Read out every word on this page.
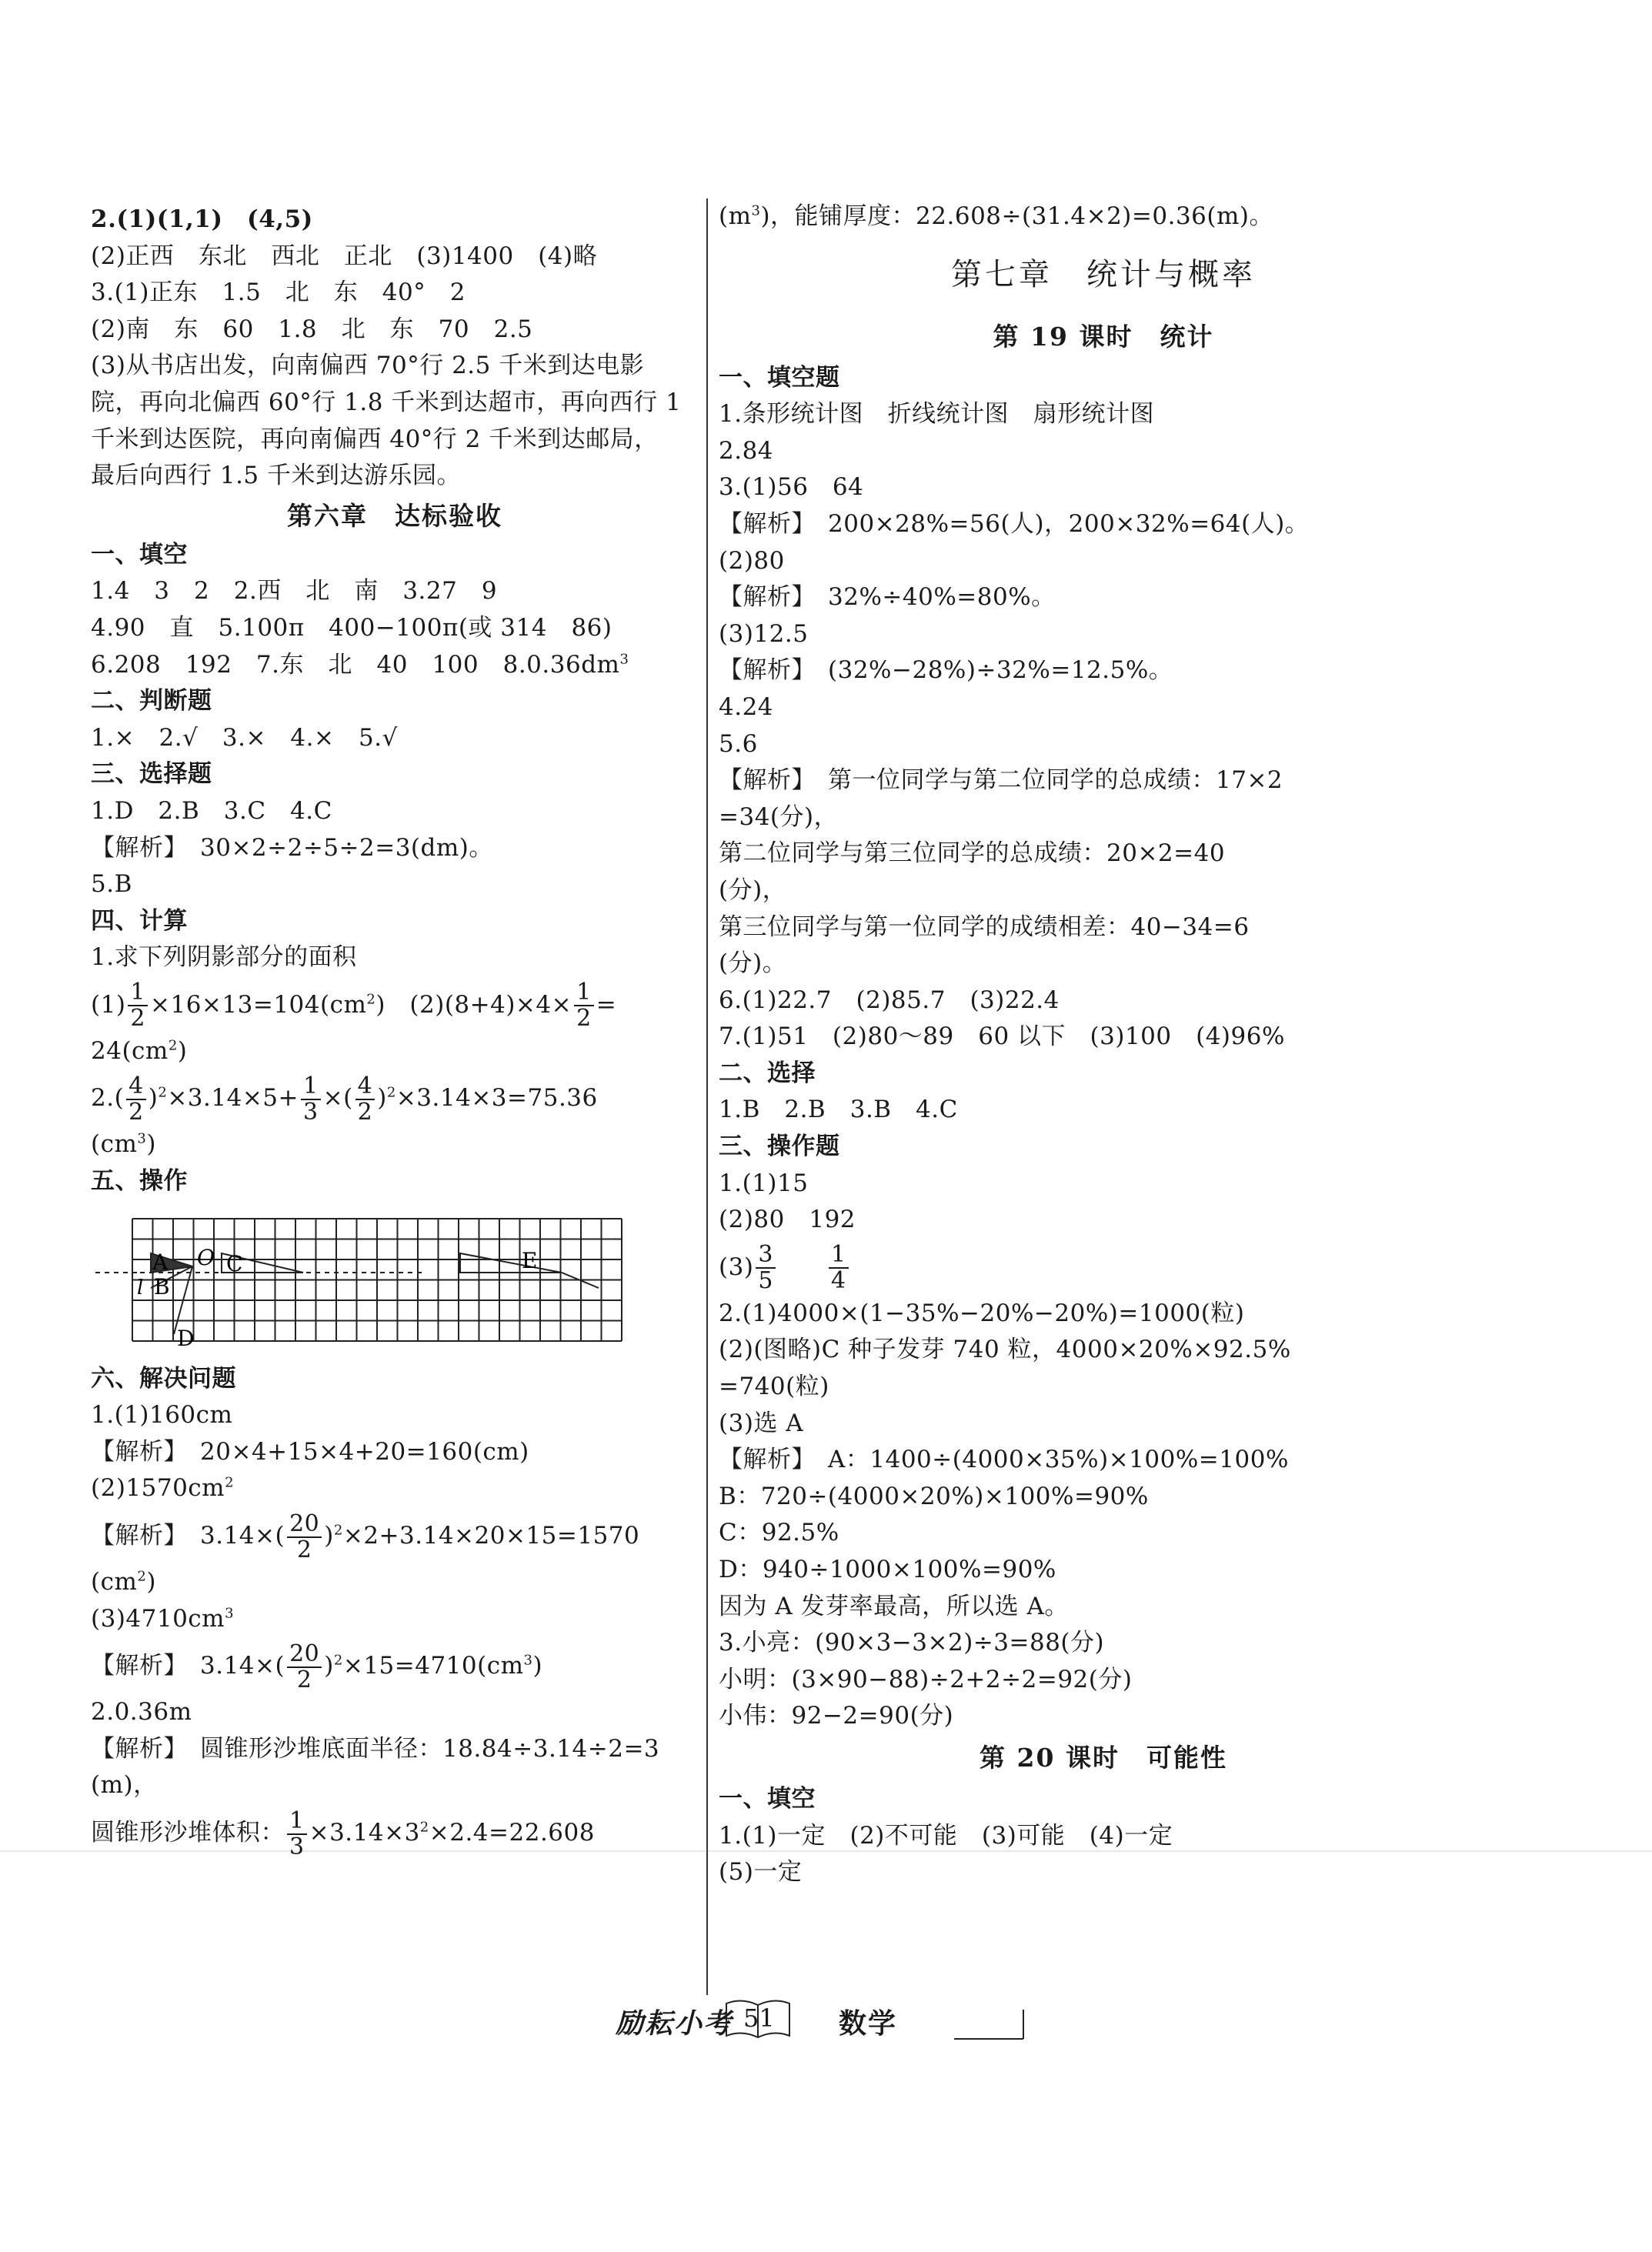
2.(1)(1,1)　(4,5)
(2)正西　东北　西北　正北　(3)1400　(4)略
3.(1)正东　1.5　北　东　40°　2
(2)南　东　60　1.8　北　东　70　2.5
(3)从书店出发，向南偏西 70°行 2.5 千米到达电影
院，再向北偏西 60°行 1.8 千米到达超市，再向西行 1
千米到达医院，再向南偏西 40°行 2 千米到达邮局，
最后向西行 1.5 千米到达游乐园。
第六章　达标验收
一、填空
1.4　3　2　2.西　北　南　3.27　9
4.90　直　5.100π　400−100π(或 314　86)
6.208　192　7.东　北　40　100　$8.0.36dm^3$
二、判断题
1.×　2.√　3.×　4.×　5.√
三、选择题
1.D　2.B　3.C　4.C
【解析】　30×2÷2÷5÷2=3(dm)。
5.B
四、计算
1.求下列阴影部分的面积
$(1) \frac{1}{2} \times 16\times 13=104(cm^2)$　$(2)(8+4)\times 4\times \frac{1}{2}$ =
$24(cm^2)$
$2.( \frac{4}{2} )^2\times 3.14\times 5+ \frac{1}{3}$ ×( $\frac{4}{2} )^2\times 3.14\times 3=75.36$
$(cm^3)$
五、操作
A
B
l
O C
D
E
六、解决问题
1.(1)160cm
【解析】　20×4+15×4+20=160(cm)
$(2)1570cm^2$
【解析】　$3.14\times( \frac{20}{2} )^2\times 2+3.14\times 20\times 15=1570$
$(cm^2)$
$(3)4710cm^3$
【解析】　$3.14\times( \frac{20}{2} )^2\times 15=4710(cm^3)$
2.0.36m
【解析】　圆锥形沙堆底面半径：18.84÷3.14÷2=3
(m)，
圆锥形沙堆体积： $\frac{1}{3} \times 3.14\times 3^2\times 2.4=22.608$
$(m^3)$，能铺厚度：22.608÷(31.4×2)=0.36(m)。
第七章　统计与概率
第 19 课时　统计
一、填空题
1.条形统计图　折线统计图　扇形统计图
2.84
3.(1)56　64
【解析】　200×28%=56(人)，200×32%=64(人)。
(2)80
【解析】　32%÷40%=80%。
(3)12.5
【解析】　(32%−28%)÷32%=12.5%。
4.24
5.6
【解析】　第一位同学与第二位同学的总成绩：17×2
=34(分)，
第二位同学与第三位同学的总成绩：20×2=40
(分)，
第三位同学与第一位同学的成绩相差：40−34=6
(分)。
6.(1)22.7　(2)85.7　(3)22.4
7.(1)51　(2)80～89　60 以下　(3)100　(4)96%
二、选择
1.B　2.B　3.B　4.C
三、操作题
1.(1)15
(2)80　192
$(3) \frac{3}{5}$
　　 $\frac{1}{4}$
2.(1)4000×(1−35%−20%−20%)=1000(粒)
(2)(图略)C 种子发芽 740 粒，4000×20%×92.5%
=740(粒)
(3)选 A
【解析】　A：1400÷(4000×35%)×100%=100%
B：720÷(4000×20%)×100%=90%
C：92.5%
D：940÷1000×100%=90%
因为 A 发芽率最高，所以选 A。
3.小亮：(90×3−3×2)÷3=88(分)
小明：(3×90−88)÷2+2÷2=92(分)
小伟：92−2=90(分)
第 20 课时　可能性
一、填空
1.(1)一定　(2)不可能　(3)可能　(4)一定
(5)一定
励耘小考 51 数学
